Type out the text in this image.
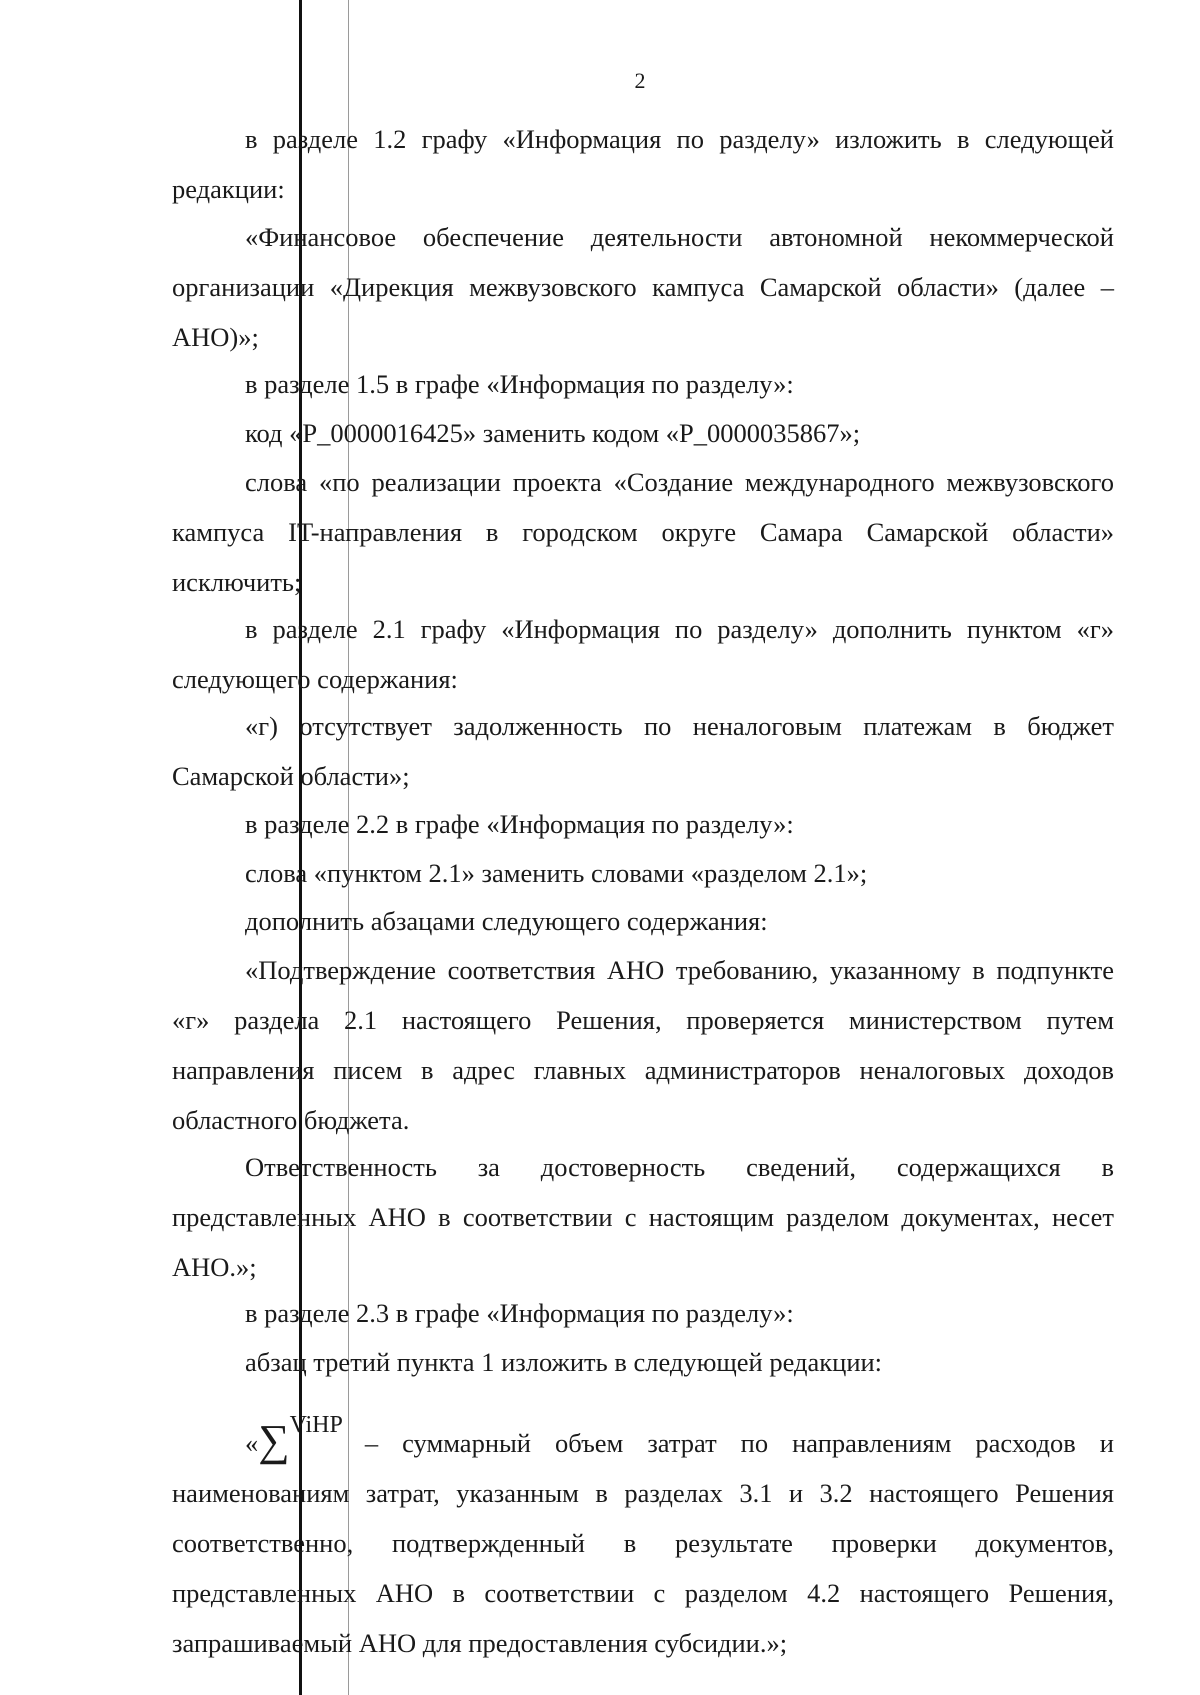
2

в разделе 1.2 графу «Информация по разделу» изложить в следующей редакции:

«Финансовое обеспечение деятельности автономной некоммерческой организации «Дирекция межвузовского кампуса Самарской области» (далее – АНО)»;

в разделе 1.5 в графе «Информация по разделу»:

код «Р_0000016425» заменить кодом «Р_0000035867»;

слова «по реализации проекта «Создание международного межвузовского кампуса IT-направления в городском округе Самара Самарской области» исключить;

в разделе 2.1 графу «Информация по разделу» дополнить пунктом «г» следующего содержания:

«г) отсутствует задолженность по неналоговым платежам в бюджет Самарской области»;

в разделе 2.2 в графе «Информация по разделу»:

слова «пунктом 2.1» заменить словами «разделом 2.1»;

дополнить абзацами следующего содержания:

«Подтверждение соответствия АНО требованию, указанному в подпункте «г» раздела 2.1 настоящего Решения, проверяется министерством путем направления писем в адрес главных администраторов неналоговых доходов областного бюджета.

Ответственность за достоверность сведений, содержащихся в представленных АНО в соответствии с настоящим разделом документах, несет АНО.»;

в разделе 2.3 в графе «Информация по разделу»:

абзац третий пункта 1 изложить в следующей редакции:

«∑ViНР– суммарный объем затрат по направлениям расходов и наименованиям затрат, указанным в разделах 3.1 и 3.2 настоящего Решения соответственно, подтвержденный в результате проверки документов, представленных АНО в соответствии с разделом 4.2 настоящего Решения, запрашиваемый АНО для предоставления субсидии.»;
